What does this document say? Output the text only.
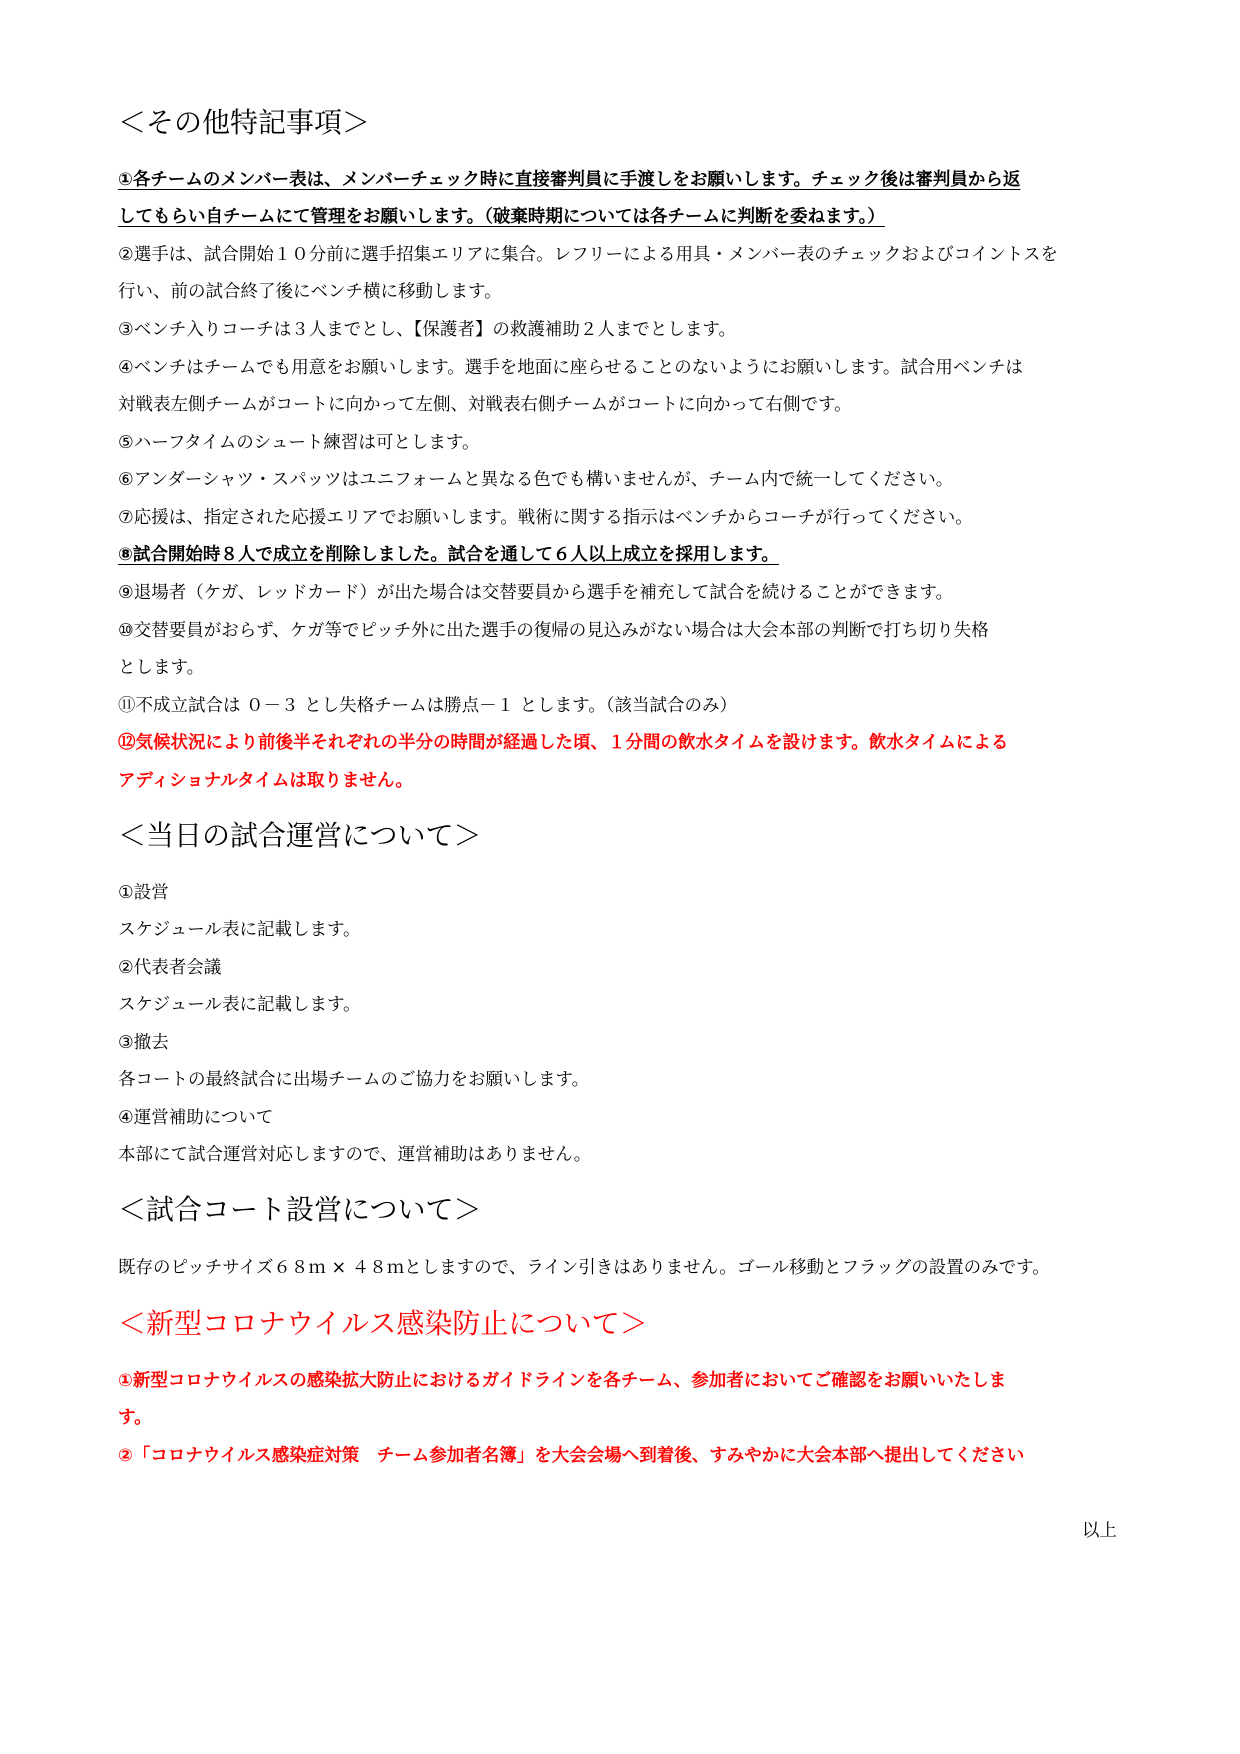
＜その他特記事項＞
①各チームのメンバー表は、メンバーチェック時に直接審判員に手渡しをお願いします。チェック後は審判員から返
してもらい自チームにて管理をお願いします。（破棄時期については各チームに判断を委ねます。）
②選手は、試合開始１０分前に選手招集エリアに集合。レフリーによる用具・メンバー表のチェックおよびコイントスを
行い、前の試合終了後にベンチ横に移動します。
③ベンチ入りコーチは３人までとし、【保護者】の救護補助２人までとします。
④ベンチはチームでも用意をお願いします。選手を地面に座らせることのないようにお願いします。試合用ベンチは
対戦表左側チームがコートに向かって左側、対戦表右側チームがコートに向かって右側です。
⑤ハーフタイムのシュート練習は可とします。
⑥アンダーシャツ・スパッツはユニフォームと異なる色でも構いませんが、チーム内で統一してください。
⑦応援は、指定された応援エリアでお願いします。戦術に関する指示はベンチからコーチが行ってください。
⑧試合開始時８人で成立を削除しました。試合を通して６人以上成立を採用します。
⑨退場者（ケガ、レッドカード）が出た場合は交替要員から選手を補充して試合を続けることができます。
⑩交替要員がおらず、ケガ等でピッチ外に出た選手の復帰の見込みがない場合は大会本部の判断で打ち切り失格
とします。
⑪不成立試合は ０－３ とし失格チームは勝点－１ とします。（該当試合のみ）
⑫気候状況により前後半それぞれの半分の時間が経過した頃、１分間の飲水タイムを設けます。飲水タイムによる
アディショナルタイムは取りません。
＜当日の試合運営について＞
①設営
スケジュール表に記載します。
②代表者会議
スケジュール表に記載します。
③撤去
各コートの最終試合に出場チームのご協力をお願いします。
④運営補助について
本部にて試合運営対応しますので、運営補助はありません。
＜試合コート設営について＞
既存のピッチサイズ６８ｍ × ４８ｍとしますので、ライン引きはありません。ゴール移動とフラッグの設置のみです。
＜新型コロナウイルス感染防止について＞
①新型コロナウイルスの感染拡大防止におけるガイドラインを各チーム、参加者においてご確認をお願いいたしま
す。
②「コロナウイルス感染症対策　チーム参加者名簿」を大会会場へ到着後、すみやかに大会本部へ提出してください
以上
